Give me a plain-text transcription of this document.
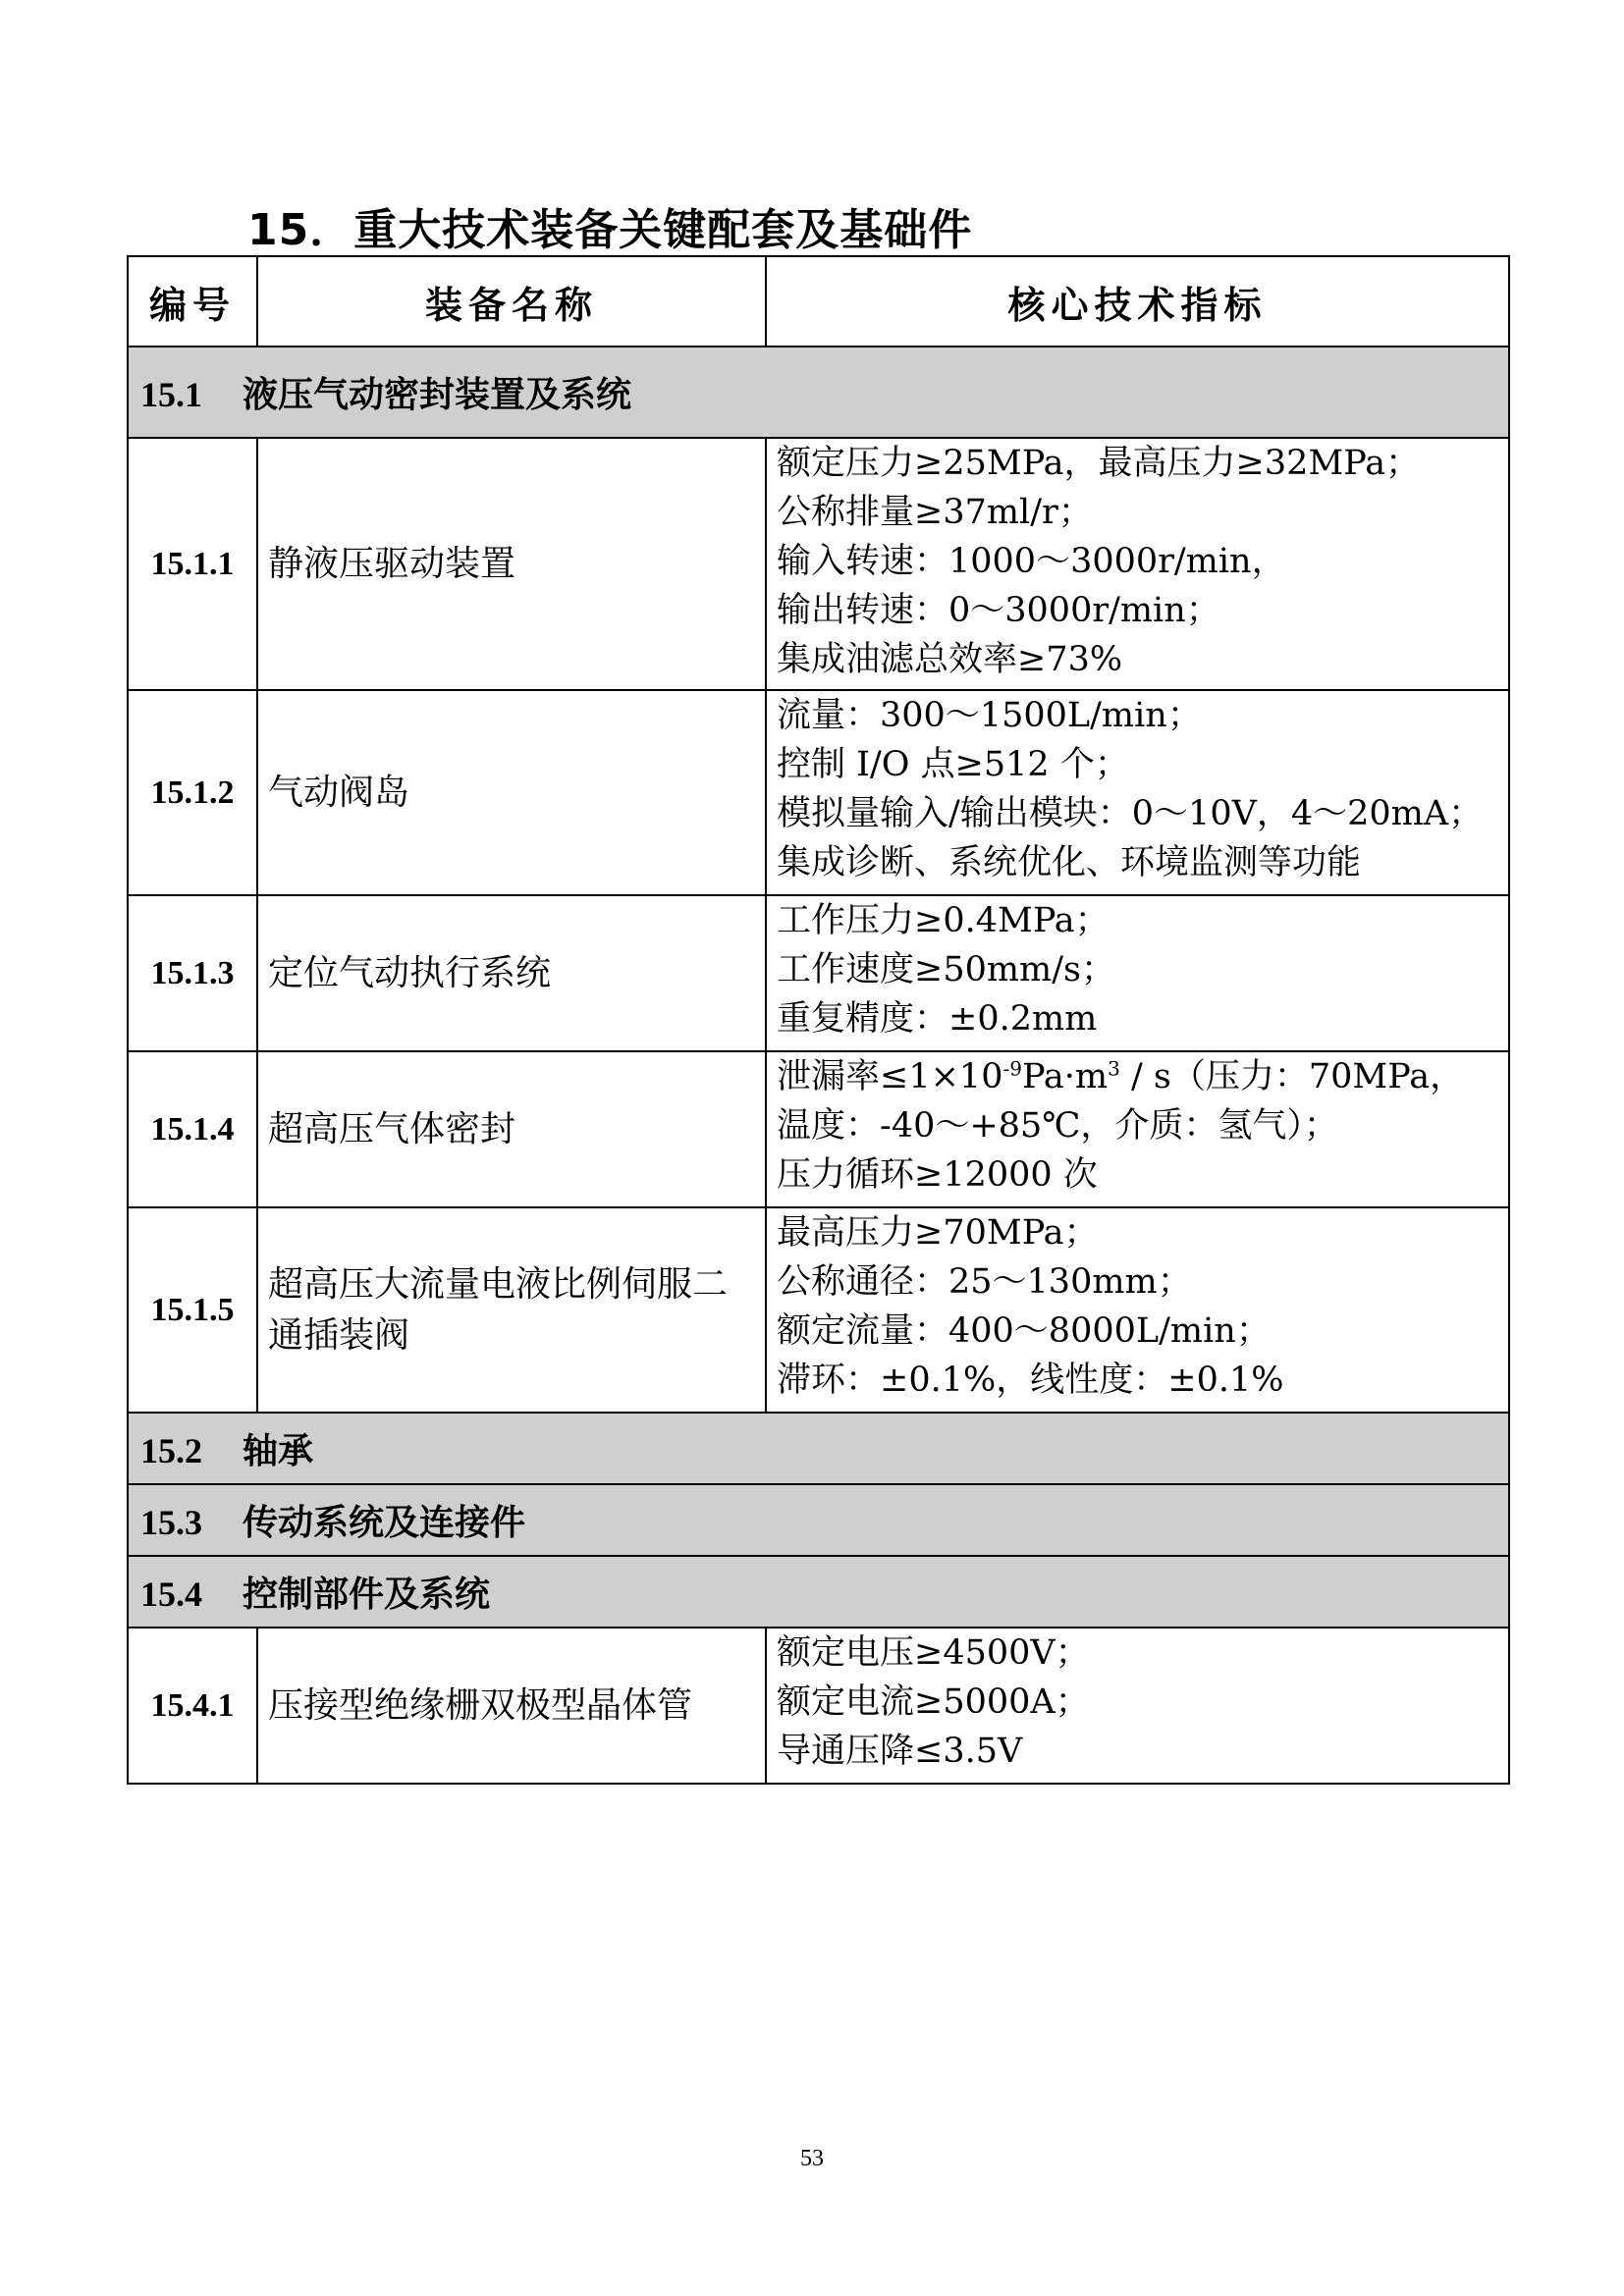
15．重大技术装备关键配套及基础件
编号	装备名称	核心技术指标
15.1 液压气动密封装置及系统		
15.1.1	静液压驱动装置	额定压力≥25MPa，最高压力≥32MPa；
公称排量≥37ml/r；
输入转速：1000～3000r/min，
输出转速：0～3000r/min；
集成油滤总效率≥73%

15.1.2	气动阀岛	流量：300～1500L/min；
控制 I/O 点≥512 个；
模拟量输入/输出模块：0～10V，4～20mA；
集成诊断、系统优化、环境监测等功能

15.1.3	定位气动执行系统	工作压力≥0.4MPa；
工作速度≥50mm/s；
重复精度：±0.2mm

15.1.4	超高压气体密封	泄漏率$\le 1\times 10^{-9}Pa\cdot m^3 / s$（压力：70MPa，
温度：-40～+85℃，介质：氢气）；
压力循环≥12000 次

15.1.5	超高压大流量电液比例伺服二通插装阀	最高压力≥70MPa；
公称通径：25～130mm；
额定流量：400～8000L/min；
滞环：±0.1%，线性度：±0.1%

15.2 轴承		
15.3 传动系统及连接件		
15.4 控制部件及系统		
15.4.1	压接型绝缘栅双极型晶体管	额定电压≥4500V；
额定电流≥5000A；
导通压降≤3.5V
53
